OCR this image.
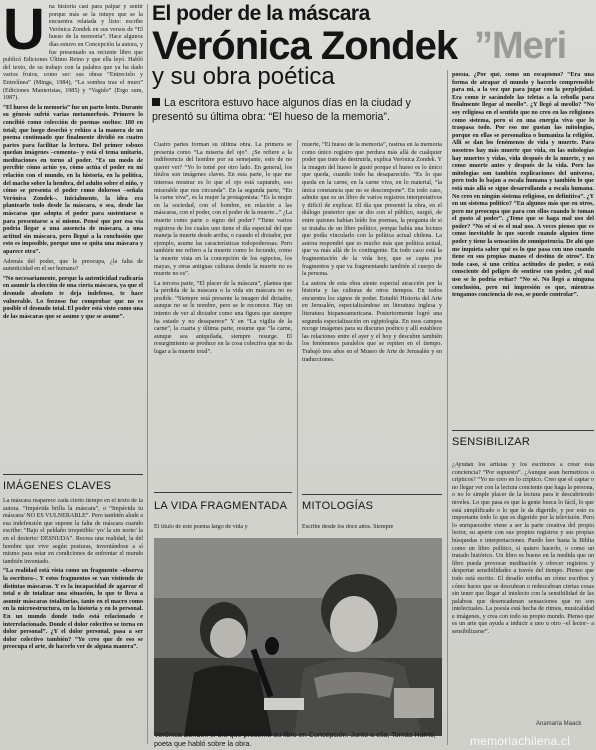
U na historia casi para palpar y sentir porque más se la intuye que se la encuentra relatada y listo: escribe Verónica Zondek en sus versos de “El hueso de la memoria”. Hace algunos días estuvo en Concepción la autora, y fue presentado su reciente libro que publicó Ediciones Último Reino y que ella leyó. Habló del texto, de su trabajo con la palabra que ya ha dado varios frutos, como ser: sus obras “Entrecielo y Entrelínea” (Minga, 1984), “La sombra tras el muro” (Ediciones Manieristas, 1985) y “Vagido” (Ergo sum, 1987).

“El hueso de la memoria” fue un parto lento. Durante su génesis sufrió varias metamorfosis. Primero lo concibió como colección de poemas sueltos: 180 en total; que luego desechó y rehizo a la manera de un poema continuado que finalmente dividió en cuatro partes para facilitar la lectura. Del primer esbozo quedan imágenes –comenta– y está el tema unitario, meditaciones en torno al poder. “Es un modo de percibir cómo actúo yo, cómo actúa el poder en mí relación con el mundo, en la historia, en la política, del macho sobre la hembra, del adulto sobre el niño, y cómo se presenta el poder como doloroso –señala Verónica Zondek–. Inicialmente, la idea era plantearlo todo desde la máscara, o sea, desde las máscaras que adopta el poder para sustentarse o para presentarse a sí mismo. Pensé que por esa vía podría llegar a una ausencia de máscara, a una actitud sin máscara, pero llegué a la conclusión que esto es imposible, porque uno se quita una máscara y aparece otra”.

Además del poder, que le preocupa, ¿la falta de autenticidad en el ser humano?

“No necesariamente, porque la autenticidad radicaría en asumir la elección de una cierta máscara, ya que el desnudo absoluto te deja indefenso, te hace vulnerable. Lo forzoso fue comprobar que no es posible el desnudo total. El poder está visto como una de las máscaras que se asume y que se asume”.

IMÁGENES CLAVES

La máscara reaparece cada cierto tiempo en el texto de la autora. “Impávida brilla la máscara”, o “Impávida tu máscara/ NO ES VULNERABLE”. Pero también alude a esa indefensión que supone la falta de máscara cuando escribe: “Bajo el peldaño irrepetible/ yo/ la sin norte/ la en el desierto/ DESNUDA”. Recrea una realidad, la del hombre que vive según posturas, inventándose a sí mismo para estar en condiciones de enfrentar el mundo también inventado.

“La realidad está vista como un fragmento –observa la escritora–. Y estos fragmentos se van vistiendo de distintas máscaras. Y es la incapacidad de agarrar el total o de totalizar una situación, lo que te lleva a asumir máscaras totalitarias, tanto en el macro como en la microestructura, en la historia y en lo personal. En un mundo donde todo está relacionado e interrelacionado. Donde el dolor colectivo se torna en dolor personal”. ¿Y el dolor personal, pasa a ser dolor colectivo también? “Yo creo que de eso se preocupa el arte, de hacerlo ver de alguna manera”.

El poder de la máscara
Verónica Zondek ”Meri
y su obra poética
La escritora estuvo hace algunos días en la ciudad y presentó su última obra: “El hueso de la memoria”.

Cuatro partes forman su última obra. La primera se presenta como “La miseria del ojo”. ¿Se refiere a la indiferencia del hombre por su semejante, esto de no querer ver? “Yo lo tomé por otro lado. En general, los títulos son imágenes claves. En esta parte, lo que me interesa mostrar es lo que el ojo está captando, eso miserable que nos circunda”. En la segunda parte, “En la carne viva”, es la mujer la protagonista: “Es la mujer en la sociedad, con el hombre, en relación a las máscaras, con el poder, con el poder de la muerte...” ¿La muerte como parte o signo del poder? “Tiene varios registros de los cuales uno tiene el día especial del que maneja la muerte desde arriba, o cuando el dictador, por ejemplo, asume las características todopoderosas. Pero también me refiero a la muerte como lo fecundo, como la muerte vista en la concepción de los egipcios, los mayas, y otras antiguas culturas donde la muerte no es muerte no es”.

La tercera parte, “El placer de la máscara”, plantea que la pérdida de la máscara o la vida sin máscara no es posible. “Siempre está presente la imagen del dictador, aunque no se le nombre, pero se le reconoce. Hay un intento de ver al dictador como una figura que siempre ha estado y no desaparece” Y en “La vigilia de la carne”, la cuarta y última parte, resume que “la carne, aunque sea aniquilada, siempre resurge. El resurgimiento se produce en la cosa colectiva que no da lugar a la muerte total”.

LA VIDA FRAGMENTADA

El título de este poema largo de vida y

muerte, “El hueso de la memoria”, rastrea en la memoria como único registro que perdura más allá de cualquier poder que trate de destruirla, explica Verónica Zondek. Y la imagen del hueso le gustó porque el hueso es lo único que queda, cuando todo ha desaparecido. “Es lo que queda en la carne, en la carne viva, en lo material, “la única constancia que no se descompone”. En todo caso, admite que es un libro de varios registros interpretativos y difícil de explicar. El día que presentó la obra, en el diálogo posterior que se dio con el público, surgió, de entre quienes habían leído los poemas, la pregunta de si se trataba de un libro político, porque había una lectura que podía vincularlo con la política actual chilena. La autora respondió que es mucho más que política actual, que va más allá de lo contingente. En todo caso está la fragmentación de la vida hoy, que se capta por fragmentos y que va fragmentando también el cuerpo de la persona.

La autora de esta obra siente especial atracción por la historia y las culturas de otros tiempos. En todos encuentra los signos de poder. Estudió Historia del Arte en Jerusalén, especializándose en literatura inglesa y literatura hispanoamericana. Posteriormente logró una segunda especialización en egiptología. En esos campos recoge imágenes para su discurso poético y allí establece las relaciones entre el ayer y el hoy y descubre también los fenómenos paralelos que se repiten en el tiempo. Trabajó tres años en el Museo de Arte de Jerusalén y en traducciones.

MITOLOGÍAS

Escribe desde los doce años. Siempre

Verónica Zondek el día que presentó su libro en Concepción. Junto a ella, Tomás Harris, poeta que habló sobre la obra.

poesía. ¿Por qué, como un escapismo? “Era una forma de atrapar el mundo y hacerlo comprensible para mí, a la vez que para jugar con la perplejidad. Era como ir sacándole las teletas a la cebolla para finalmente llegar al meollo”. ¿Y llegó al meollo? “No soy religiosa en el sentido que no creo en las religiones como sistema, pero sí en una energía viva que lo traspasa todo. Por eso me gustan las mitologías, porque en ellas se personaliza o humaniza la religión. Allí se dan los fenómenos de vida y muerte. Para nosotros hay más muerte que vida, en las mitologías hay muertes y vidas, vida después de la muerte, y no como muerte antes y después de la vida. Pero las mitologías son también explicaciones del universo, pero todo lo bajan a escala humana y también lo que está más allá se sigue desarrollando a escala humana. No creo en ningún sistema religioso, en definitiva”. ¿Y en un sistema político? “En algunos más que en otros, pero me preocupa que para con ellos cuando le toman el gusto al poder”. ¿Teme que se haga mal uso del poder? “No sé si es el mal uso. A veces pienso que es como inevitable lo que sucede cuando alguien tiene poder y tiene la sensación de omnipotencia. De ahí que me inquieta saber qué es lo que pasa con uno cuando tiene en sus propias manos el destino de otros”. En todo caso, si uno critica actitudes de poder, o está consciente del peligro de sentirse con poder, ¿el mal uso se lo podría evitar? “No sé. No llegó a ninguna conclusión, pero mi impresión es que, mientras tengamos conciencia de eso, se puede controlar”.

SENSIBILIZAR

¿Ayudan los artistas y los escritores a crear esta conciencia? “Por supuesto”. ¿Aunque sean hermeticos o crípticos? “Yo no creo en lo críptico. Creo que el captar o no llegar ver con la lectura conciente que haga la persona, o no lo simple placer de la lectura para ir descubriendo niveles. Lo que pasa es que la gente busca lo fácil, lo que está simplificado o lo que le da digerido, y por esto es importante todo lo que es digerido por la televisión. Pero lo enriquecedor viene a ser la parte creativa del propio lector, su aporte con sus propios registros y sus propias búsquedas e interpretaciones. Puedo leer hasta la Biblia como un libro político, si quiero hacerlo, o como un tratado histórico. Un libro es bueno en la medida que un libro pueda provocar meditación y ofrecer registros y despertar sensibilidades a través del tiempo. Pienso que todo está escrito. El desafío estriba en cómo escribes y cómo haces que se descubran o redescubran ciertas cosas sin tener que llegar al intelecto con la sensibilidad de las palabras que desencadenan sensaciones que no son intelectuales. La poesía está hecha de ritmos, musicalidad e imágenes, y crea con todo su propio mundo. Pienso que es un arte que ayuda a inducir a uno u otro –el lector– a sensibilizarse”.

Anamaría Maack
memoriachilena.cl
